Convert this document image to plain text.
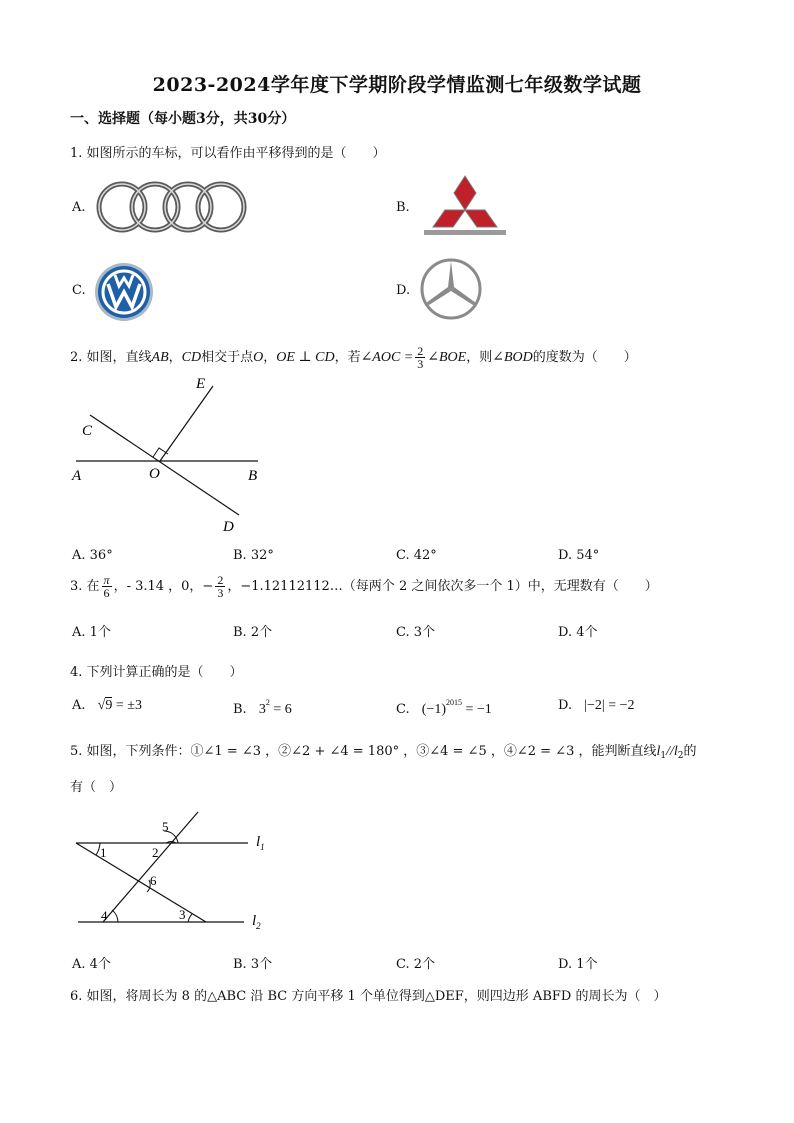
2023-2024学年度下学期阶段学情监测七年级数学试题
一、选择题（每小题3分，共30分）
1. 如图所示的车标，可以看作由平移得到的是（　　）
A.	B.
C.	D.
2. 如图，直线AB，CD相交于点O，OE ⊥ CD，若∠AOC = $\frac{2}{3}$ ∠BOE，则∠BOD的度数为（　　）
E
C
A	O	B
D
A. 36°	B. 32°	C. 42°	D. 54°
3. 在 $\frac{\pi}{6}$ ，- 3.14 ，0，− $\frac{2}{3}$ ，−1.12112112…（每两个 2 之间依次多一个 1）中，无理数有（　　）
A. 1个	B. 2个	C. 3个	D. 4个
4. 下列计算正确的是（　　）
A. √9 = ±3	B. $3^2 = 6$	C. $(-1)^{2015} = -1$	D. |−2| = −2
5. 如图，下列条件：①∠1 = ∠3 ，②∠2 + ∠4 = 180° ，③∠4 = ∠5 ，④∠2 = ∠3 ，能判断直线$l_1//l_2$的
有（　）
1	2
3
4
5
6
$l_1$
$l_2$
A. 4个	B. 3个	C. 2个	D. 1个
6. 如图，将周长为 8 的△ABC 沿 BC 方向平移 1 个单位得到△DEF，则四边形 ABFD 的周长为（　）
